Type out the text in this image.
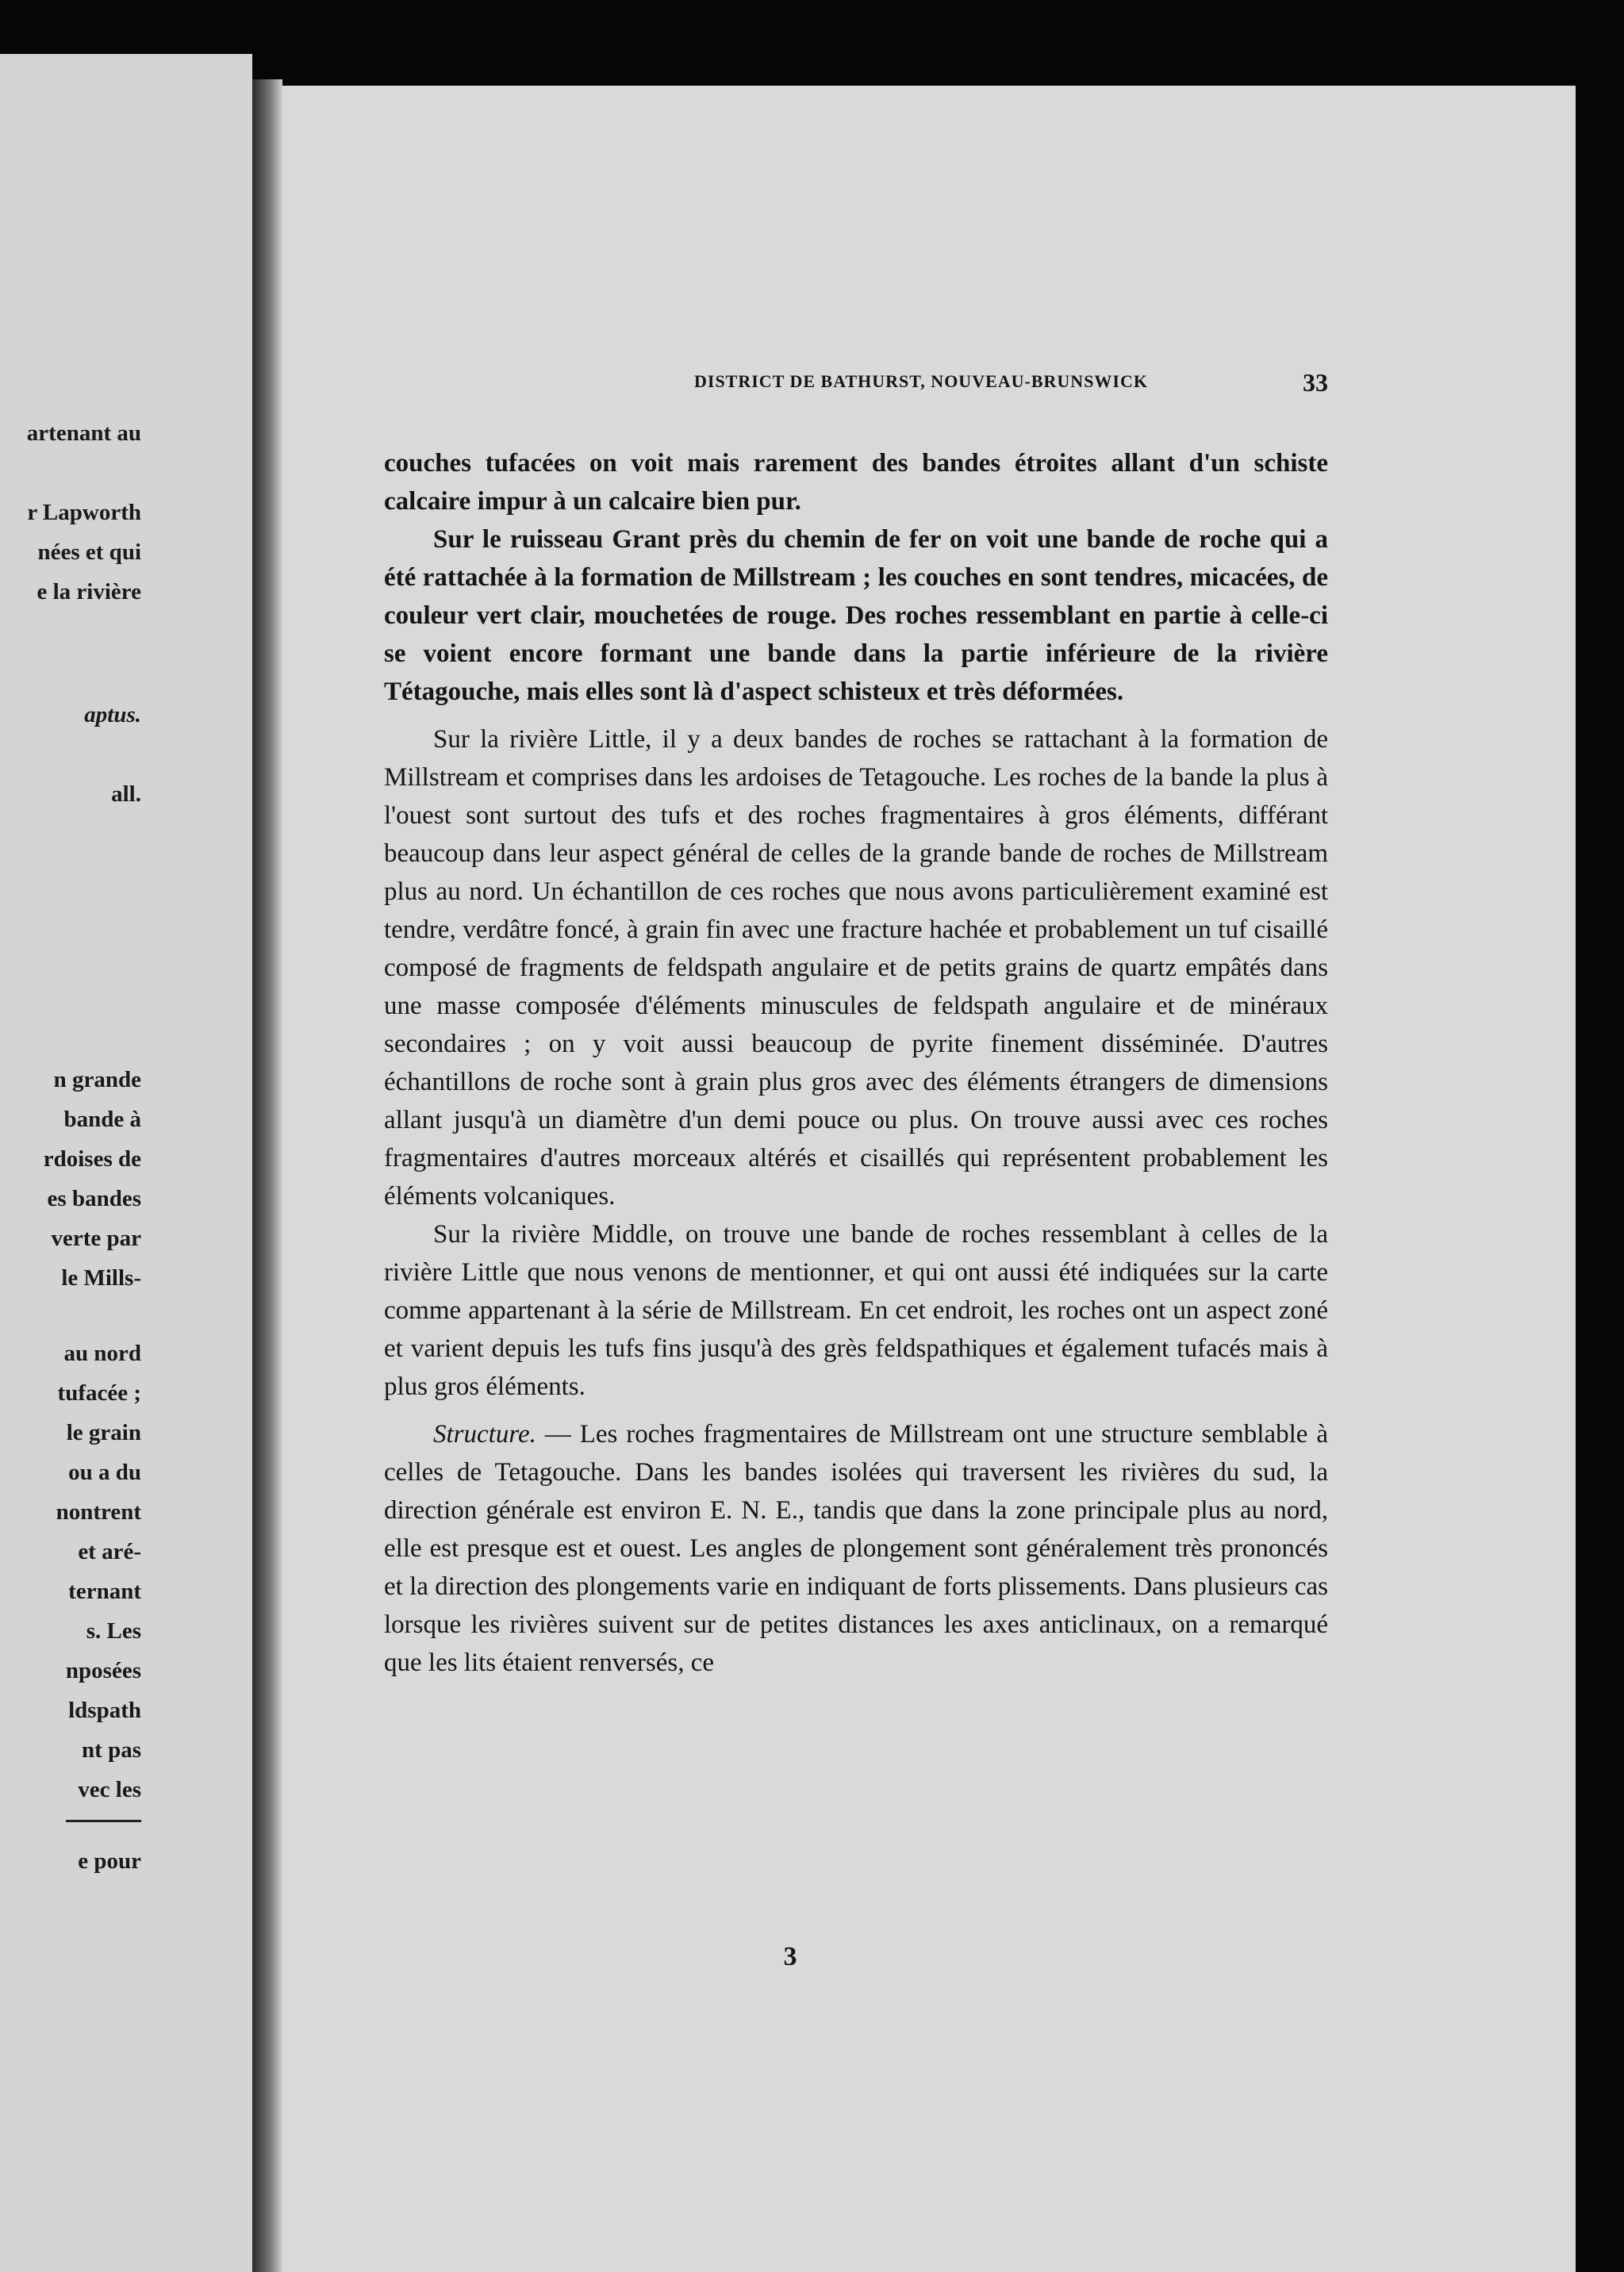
artenant au
r Lapworth
nées et qui
e la rivière
aptus.
all.
n grande
bande à
rdoises de
es bandes
verte par
le Mills-
au nord
tufacée ;
le grain
ou a du
nontrent
et aré-
ternant
s. Les
nposées
ldspath
nt pas
vec les
e pour
DISTRICT DE BATHURST, NOUVEAU-BRUNSWICK	33

couches tufacées on voit mais rarement des bandes étroites allant d'un schiste calcaire impur à un calcaire bien pur.

Sur le ruisseau Grant près du chemin de fer on voit une bande de roche qui a été rattachée à la formation de Millstream ; les couches en sont tendres, micacées, de couleur vert clair, mouchetées de rouge. Des roches ressemblant en partie à celle-ci se voient encore formant une bande dans la partie inférieure de la rivière Tétagouche, mais elles sont là d'aspect schisteux et très déformées.

Sur la rivière Little, il y a deux bandes de roches se rattachant à la formation de Millstream et comprises dans les ardoises de Tetagouche. Les roches de la bande la plus à l'ouest sont surtout des tufs et des roches fragmentaires à gros éléments, différant beaucoup dans leur aspect général de celles de la grande bande de roches de Millstream plus au nord. Un échantillon de ces roches que nous avons particulièrement examiné est tendre, verdâtre foncé, à grain fin avec une fracture hachée et probablement un tuf cisaillé composé de fragments de feldspath angulaire et de petits grains de quartz empâtés dans une masse composée d'éléments minuscules de feldspath angulaire et de minéraux secondaires ; on y voit aussi beaucoup de pyrite finement disséminée. D'autres échantillons de roche sont à grain plus gros avec des éléments étrangers de dimensions allant jusqu'à un diamètre d'un demi pouce ou plus. On trouve aussi avec ces roches fragmentaires d'autres morceaux altérés et cisaillés qui représentent probablement les éléments volcaniques.

Sur la rivière Middle, on trouve une bande de roches ressemblant à celles de la rivière Little que nous venons de mentionner, et qui ont aussi été indiquées sur la carte comme appartenant à la série de Millstream. En cet endroit, les roches ont un aspect zoné et varient depuis les tufs fins jusqu'à des grès feldspathiques et également tufacés mais à plus gros éléments.

Structure. — Les roches fragmentaires de Millstream ont une structure semblable à celles de Tetagouche. Dans les bandes isolées qui traversent les rivières du sud, la direction générale est environ E. N. E., tandis que dans la zone principale plus au nord, elle est presque est et ouest. Les angles de plongement sont généralement très prononcés et la direction des plongements varie en indiquant de forts plissements. Dans plusieurs cas lorsque les rivières suivent sur de petites distances les axes anticlinaux, on a remarqué que les lits étaient renversés, ce

3
